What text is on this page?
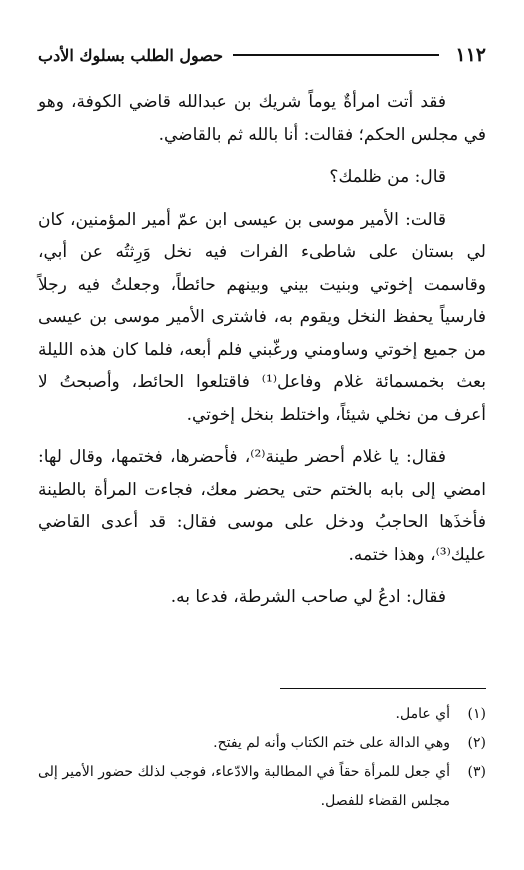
١١٢
حصول الطلب بسلوك الأدب

فقد أتت امرأةٌ يوماً شريك بن عبدالله قاضي الكوفة، وهو في مجلس الحكم؛ فقالت: أنا بالله ثم بالقاضي.

قال: من ظلمك؟

قالت: الأمير موسى بن عيسى ابن عمّ أمير المؤمنين، كان لي بستان على شاطىء الفرات فيه نخل وَرِثتُه عن أبي، وقاسمت إخوتي وبنيت بيني وبينهم حائطاً، وجعلتُ فيه رجلاً فارسياً يحفظ النخل ويقوم به، فاشترى الأمير موسى بن عيسى من جميع إخوتي وساومني ورغّبني فلم أبعه، فلما كان هذه الليلة بعث بخمسمائة غلام وفاعل⁽¹⁾ فاقتلعوا الحائط، وأصبحتُ لا أعرف من نخلي شيئاً، واختلط بنخل إخوتي.

فقال: يا غلام أحضر طينة⁽²⁾، فأحضرها، فختمها، وقال لها: امضي إلى بابه بالختم حتى يحضر معك، فجاءت المرأة بالطينة فأخذَها الحاجبُ ودخل على موسى فقال: قد أعدى القاضي عليك⁽³⁾، وهذا ختمه.

فقال: ادعُ لي صاحب الشرطة، فدعا به.

(١)
أي عامل.
(٢)
وهي الدالة على ختم الكتاب وأنه لم يفتح.
(٣)
أي جعل للمرأة حقاً في المطالبة والادّعاء، فوجب لذلك حضور الأمير إلى مجلس القضاء للفصل.
